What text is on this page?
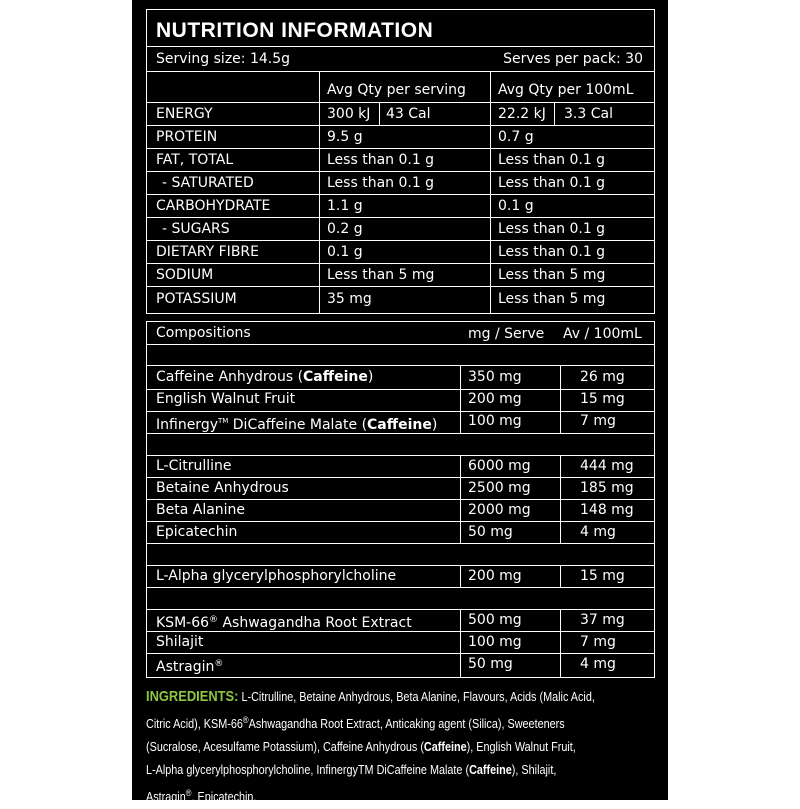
NUTRITION INFORMATION
Serving size: 14.5g	Serves per pack: 30
Avg Qty per serving Avg Qty per 100mL
ENERGY	300 kJ 43 Cal	22.2 kJ 3.3 Cal
PROTEIN	9.5 g	0.7 g
FAT, TOTAL	Less than 0.1 g	Less than 0.1 g
- SATURATED	Less than 0.1 g	Less than 0.1 g
CARBOHYDRATE	1.1 g	0.1 g
- SUGARS	0.2 g	Less than 0.1 g
DIETARY FIBRE	0.1 g	Less than 0.1 g
SODIUM	Less than 5 mg	Less than 5 mg
POTASSIUM	35 mg	Less than 5 mg
Compositions	mg / Serve Av / 100mL
Caffeine Anhydrous (Caffeine)	350 mg	26 mg
English Walnut Fruit	200 mg	15 mg
Infinergy™ DiCaffeine Malate (Caffeine) 100 mg	7 mg
L-Citrulline	6000 mg	444 mg
Betaine Anhydrous	2500 mg	185 mg
Beta Alanine	2000 mg	148 mg
Epicatechin	50 mg	4 mg
L-Alpha glycerylphosphorylcholine	200 mg	15 mg
KSM-66® Ashwagandha Root Extract	500 mg	37 mg
Shilajit	100 mg	7 mg
Astragin®	50 mg	4 mg
INGREDIENTS: L-Citrulline, Betaine Anhydrous, Beta Alanine, Flavours, Acids (Malic Acid,
Citric Acid), KSM-66®Ashwagandha Root Extract, Anticaking agent (Silica), Sweeteners
(Sucralose, Acesulfame Potassium), Caffeine Anhydrous (Caffeine), English Walnut Fruit,
L-Alpha glycerylphosphorylcholine, InfinergyTM DiCaffeine Malate (Caffeine), Shilajit,
Astragin®, Epicatechin.
